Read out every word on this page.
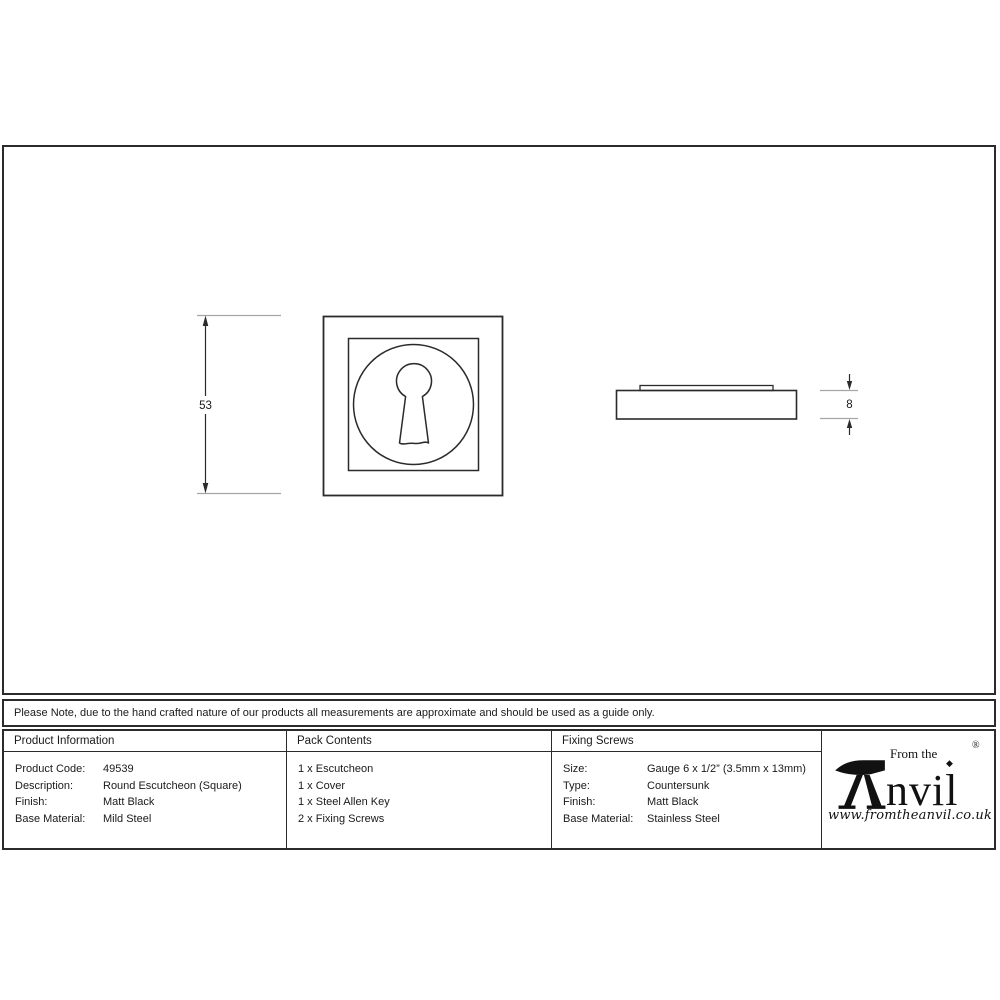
53	8
Please Note, due to the hand crafted nature of our products all measurements are approximate and should be used as a guide only.
Product Information
Product Code:	49539
Description:	Round Escutcheon (Square)
Finish:	Matt Black
Base Material:	Mild Steel
Pack Contents
1 x Escutcheon
1 x Cover
1 x Steel Allen Key
2 x Fixing Screws
Fixing Screws
Size:	Gauge 6 x 1/2” (3.5mm x 13mm)
Type:	Countersunk
Finish:	Matt Black
Base Material:	Stainless Steel
From the
◆
®
nvil
www.fromtheanvil.co.uk
